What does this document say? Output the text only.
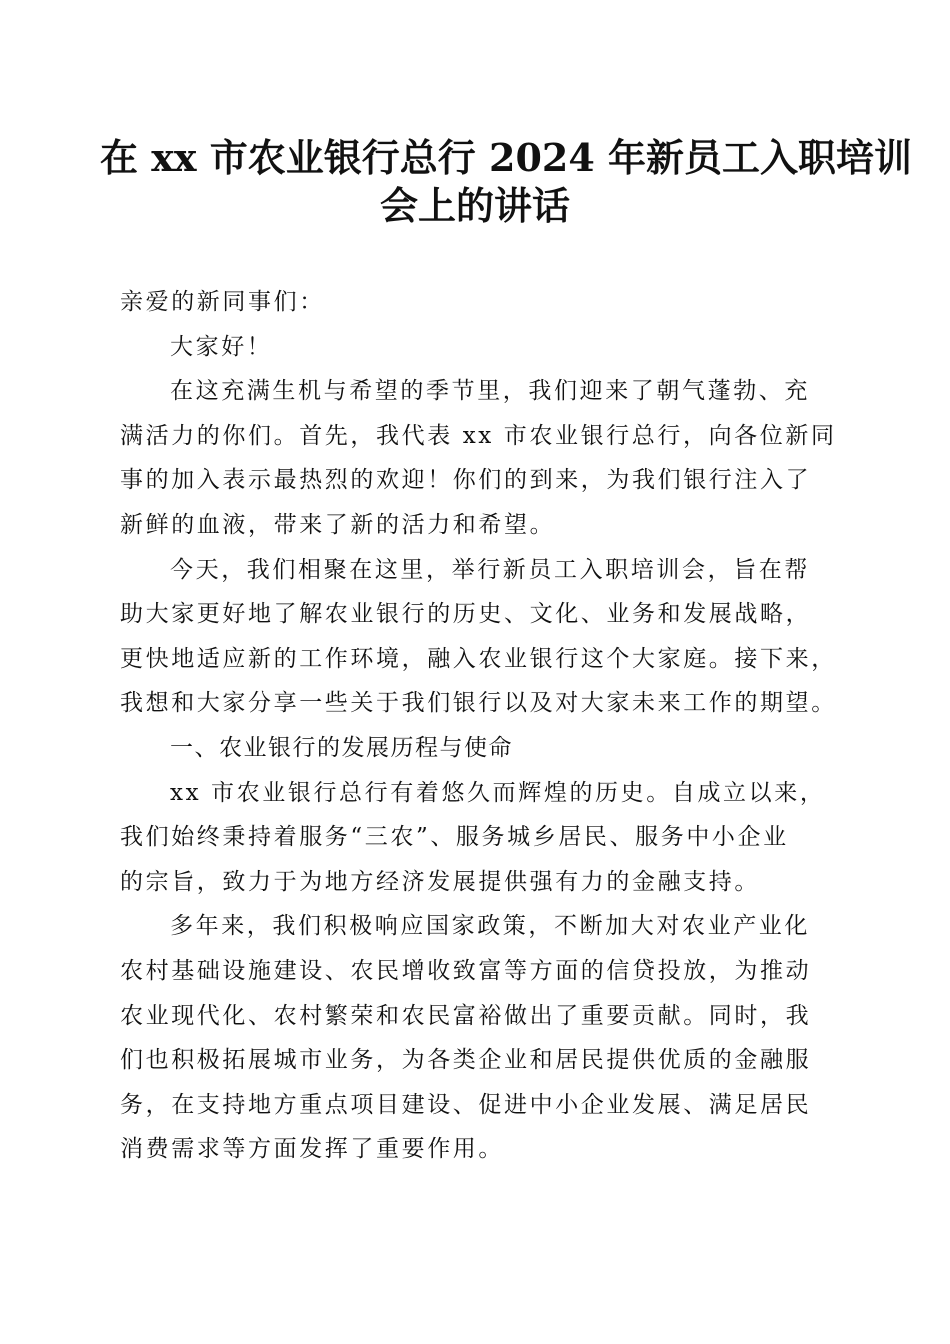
在 xx 市农业银行总行 2024 年新员工入职培训
会上的讲话
亲爱的新同事们：
大家好！
在这充满生机与希望的季节里，我们迎来了朝气蓬勃、充
满活力的你们。首先，我代表 xx 市农业银行总行，向各位新同
事的加入表示最热烈的欢迎！你们的到来，为我们银行注入了
新鲜的血液，带来了新的活力和希望。
今天，我们相聚在这里，举行新员工入职培训会，旨在帮
助大家更好地了解农业银行的历史、文化、业务和发展战略，
更快地适应新的工作环境，融入农业银行这个大家庭。接下来，
我想和大家分享一些关于我们银行以及对大家未来工作的期望。
一、农业银行的发展历程与使命
xx 市农业银行总行有着悠久而辉煌的历史。自成立以来，
我们始终秉持着服务“三农”、服务城乡居民、服务中小企业
的宗旨，致力于为地方经济发展提供强有力的金融支持。
多年来，我们积极响应国家政策，不断加大对农业产业化
农村基础设施建设、农民增收致富等方面的信贷投放，为推动
农业现代化、农村繁荣和农民富裕做出了重要贡献。同时，我
们也积极拓展城市业务，为各类企业和居民提供优质的金融服
务，在支持地方重点项目建设、促进中小企业发展、满足居民
消费需求等方面发挥了重要作用。
